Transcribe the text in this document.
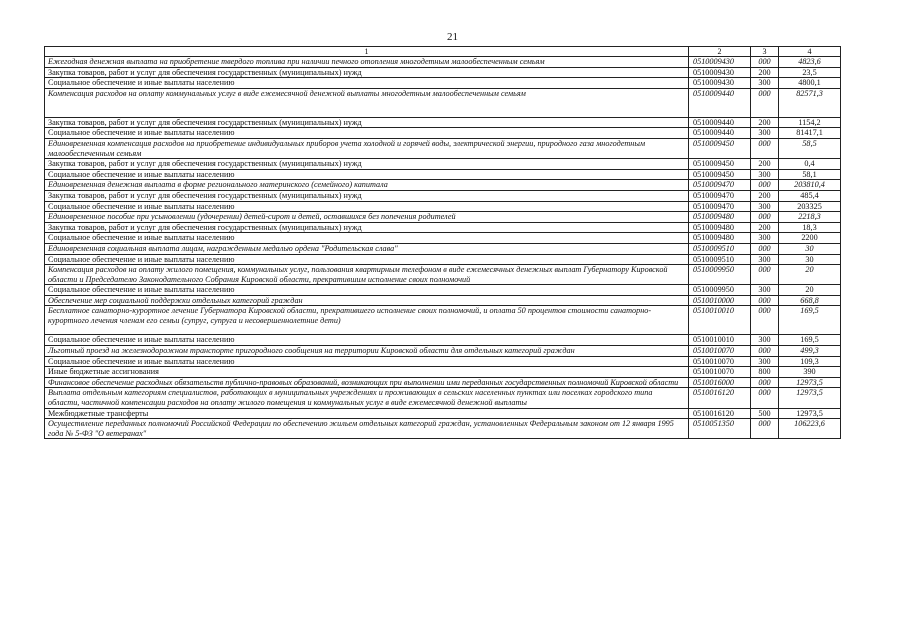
21
1	2	3	4
Ежегодная денежная выплата на приобретение твердого топлива при наличии печного отопления многодетным малообеспеченным семьям	0510009430	000	4823,6
Закупка товаров, работ и услуг для обеспечения государственных (муниципальных) нужд	0510009430	200	23,5
Социальное обеспечение и иные выплаты населению	0510009430	300	4800,1
Компенсация расходов на оплату коммунальных услуг в виде ежемесячной денежной выплаты многодетным малообеспеченным семьям	0510009440	000	82571,3
Закупка товаров, работ и услуг для обеспечения государственных (муниципальных) нужд	0510009440	200	1154,2
Социальное обеспечение и иные выплаты населению	0510009440	300	81417,1
Единовременная компенсация расходов на приобретение индивидуальных приборов учета холодной и горячей воды, электрической энергии, природного газа многодетным малообеспеченным семьям	0510009450	000	58,5
Закупка товаров, работ и услуг для обеспечения государственных (муниципальных) нужд	0510009450	200	0,4
Социальное обеспечение и иные выплаты населению	0510009450	300	58,1
Единовременная денежная выплата в форме регионального материнского (семейного) капитала	0510009470	000	203810,4
Закупка товаров, работ и услуг для обеспечения государственных (муниципальных) нужд	0510009470	200	485,4
Социальное обеспечение и иные выплаты населению	0510009470	300	203325
Единовременное пособие при усыновлении (удочерении) детей-сирот и детей, оставшихся без попечения родителей	0510009480	000	2218,3
Закупка товаров, работ и услуг для обеспечения государственных (муниципальных) нужд	0510009480	200	18,3
Социальное обеспечение и иные выплаты населению	0510009480	300	2200
Единовременная социальная выплата лицам, награжденным медалью ордена "Родительская слава"	0510009510	000	30
Социальное обеспечение и иные выплаты населению	0510009510	300	30
Компенсация расходов на оплату жилого помещения, коммунальных услуг, пользования квартирным телефоном в виде ежемесячных денежных выплат Губернатору Кировской области и Председателю Законодательного Собрания Кировской области, прекратившим исполнение своих полномочий	0510009950	000	20
Социальное обеспечение и иные выплаты населению	0510009950	300	20
Обеспечение мер социальной поддержки отдельных категорий граждан	0510010000	000	668,8
Бесплатное санаторно-курортное лечение Губернатора Кировской области, прекратившего исполнение своих полномочий, и оплата 50 процентов стоимости санаторно-курортного лечения членам его семьи (супруг, супруга и несовершеннолетние дети)	0510010010	000	169,5
Социальное обеспечение и иные выплаты населению	0510010010	300	169,5
Льготный проезд на железнодорожном транспорте пригородного сообщения на территории Кировской области для отдельных категорий граждан	0510010070	000	499,3
Социальное обеспечение и иные выплаты населению	0510010070	300	109,3
Иные бюджетные ассигнования	0510010070	800	390
Финансовое обеспечение расходных обязательств публично-правовых образований, возникающих при выполнении ими переданных государственных полномочий Кировской области	0510016000	000	12973,5
Выплата отдельным категориям специалистов, работающих в муниципальных учреждениях и проживающих в сельских населенных пунктах или поселках городского типа области, частичной компенсации расходов на оплату жилого помещения и коммунальных услуг в виде ежемесячной денежной выплаты	0510016120	000	12973,5
Межбюджетные трансферты	0510016120	500	12973,5
Осуществление переданных полномочий Российской Федерации по обеспечению жильем отдельных категорий граждан, установленных Федеральным законом от 12 января 1995 года № 5-ФЗ "О ветеранах"	0510051350	000	106223,6
